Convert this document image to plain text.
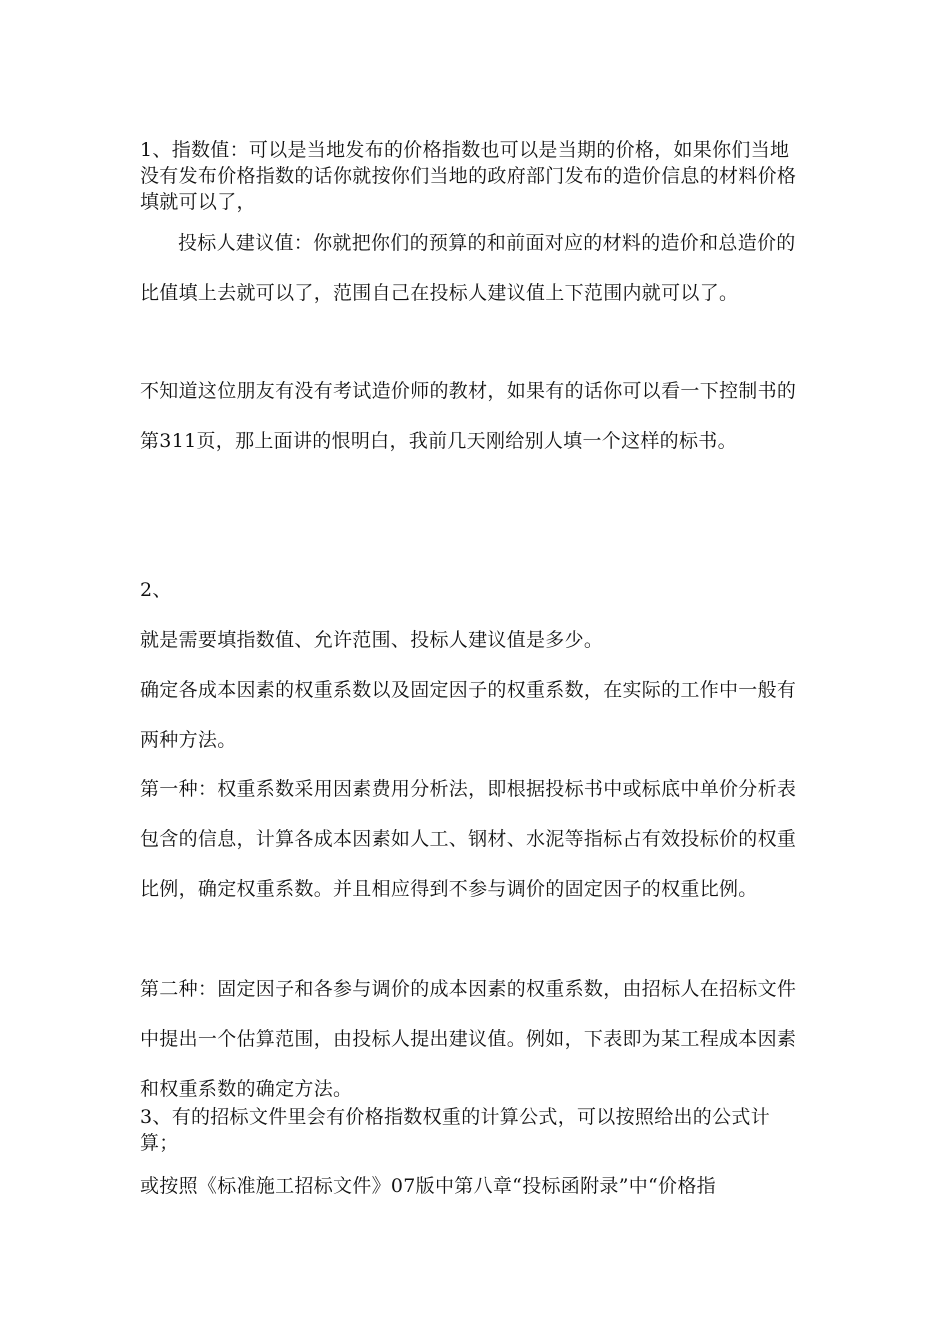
1、指数值：可以是当地发布的价格指数也可以是当期的价格，如果你们当地没有发布价格指数的话你就按你们当地的政府部门发布的造价信息的材料价格填就可以了，

投标人建议值：你就把你们的预算的和前面对应的材料的造价和总造价的比值填上去就可以了，范围自己在投标人建议值上下范围内就可以了。

不知道这位朋友有没有考试造价师的教材，如果有的话你可以看一下控制书的第311页，那上面讲的恨明白，我前几天刚给别人填一个这样的标书。

2、

就是需要填指数值、允许范围、投标人建议值是多少。

确定各成本因素的权重系数以及固定因子的权重系数，在实际的工作中一般有两种方法。

第一种：权重系数采用因素费用分析法，即根据投标书中或标底中单价分析表包含的信息，计算各成本因素如人工、钢材、水泥等指标占有效投标价的权重比例，确定权重系数。并且相应得到不参与调价的固定因子的权重比例。

第二种：固定因子和各参与调价的成本因素的权重系数，由招标人在招标文件中提出一个估算范围，由投标人提出建议值。例如，下表即为某工程成本因素和权重系数的确定方法。

3、有的招标文件里会有价格指数权重的计算公式，可以按照给出的公式计算；

或按照《标准施工招标文件》07版中第八章“投标函附录”中“价格指
